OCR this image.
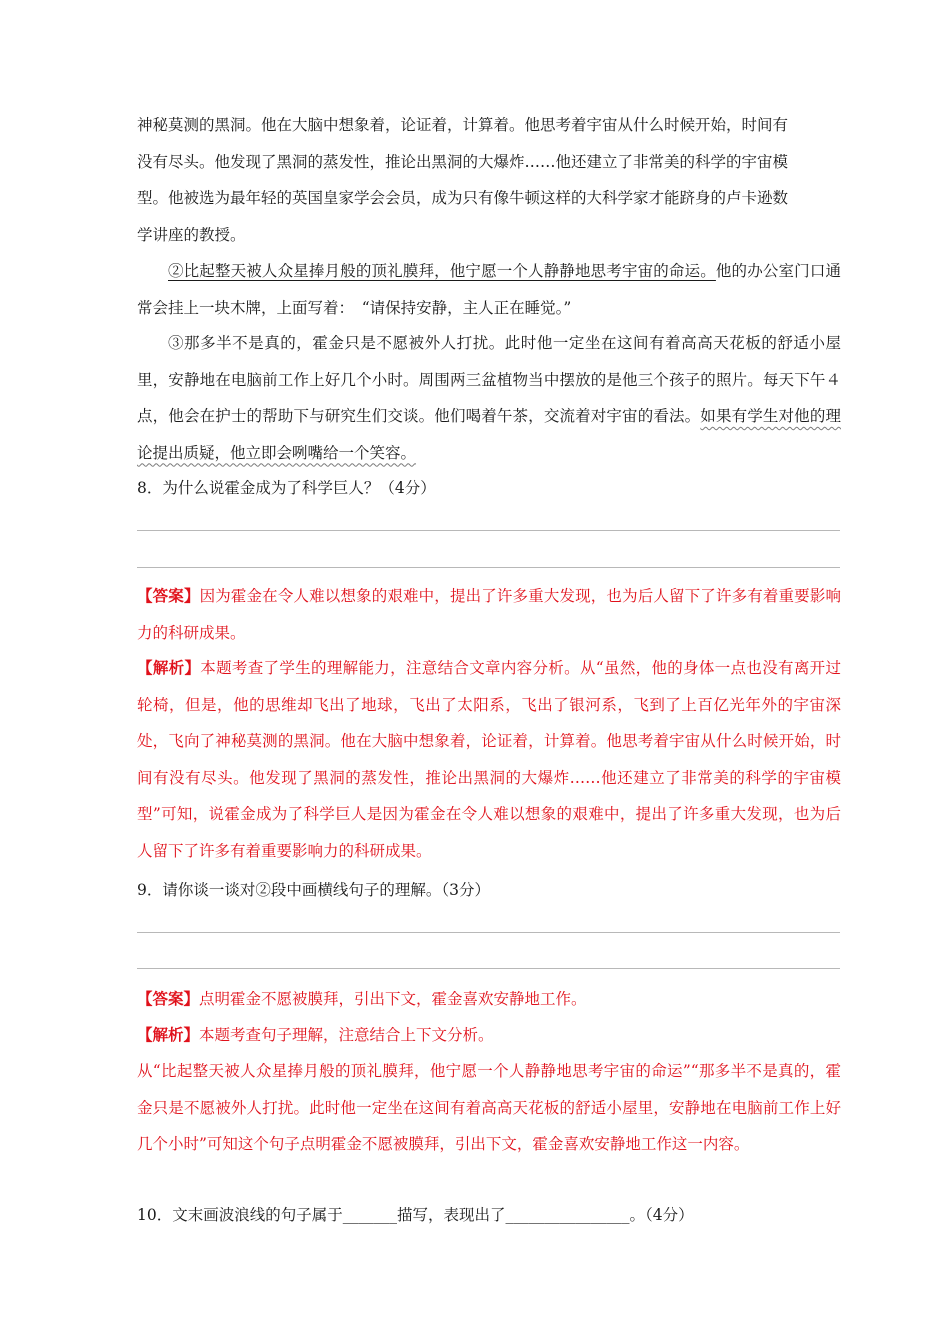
神秘莫测的黑洞。他在大脑中想象着，论证着，计算着。他思考着宇宙从什么时候开始，时间有
没有尽头。他发现了黑洞的蒸发性，推论出黑洞的大爆炸……他还建立了非常美的科学的宇宙模
型。他被选为最年轻的英国皇家学会会员，成为只有像牛顿这样的大科学家才能跻身的卢卡逊数
学讲座的教授。

②比起整天被人众星捧月般的顶礼膜拜，他宁愿一个人静静地思考宇宙的命运。他的办公室门口通常会挂上一块木牌，上面写着：　“请保持安静，主人正在睡觉。”

③那多半不是真的，霍金只是不愿被外人打扰。此时他一定坐在这间有着高高天花板的舒适小屋里，安静地在电脑前工作上好几个小时。周围两三盆植物当中摆放的是他三个孩子的照片。每天下午４点，他会在护士的帮助下与研究生们交谈。他们喝着午茶，交流着对宇宙的看法。如果有学生对他的理论提出质疑，他立即会咧嘴给一个笑容。

8．为什么说霍金成为了科学巨人？（4分）

【答案】因为霍金在令人难以想象的艰难中，提出了许多重大发现，也为后人留下了许多有着重要影响力的科研成果。

【解析】本题考查了学生的理解能力，注意结合文章内容分析。从“虽然，他的身体一点也没有离开过轮椅，但是，他的思维却飞出了地球，飞出了太阳系，飞出了银河系，飞到了上百亿光年外的宇宙深处，飞向了神秘莫测的黑洞。他在大脑中想象着，论证着，计算着。他思考着宇宙从什么时候开始，时间有没有尽头。他发现了黑洞的蒸发性，推论出黑洞的大爆炸……他还建立了非常美的科学的宇宙模型”可知，说霍金成为了科学巨人是因为霍金在令人难以想象的艰难中，提出了许多重大发现，也为后人留下了许多有着重要影响力的科研成果。

9．请你谈一谈对②段中画横线句子的理解。（3分）

【答案】点明霍金不愿被膜拜，引出下文，霍金喜欢安静地工作。

【解析】本题考查句子理解，注意结合上下文分析。

从“比起整天被人众星捧月般的顶礼膜拜，他宁愿一个人静静地思考宇宙的命运”“那多半不是真的，霍金只是不愿被外人打扰。此时他一定坐在这间有着高高天花板的舒适小屋里，安静地在电脑前工作上好几个小时”可知这个句子点明霍金不愿被膜拜，引出下文，霍金喜欢安静地工作这一内容。

10．文末画波浪线的句子属于_______描写，表现出了________________。（4分）
